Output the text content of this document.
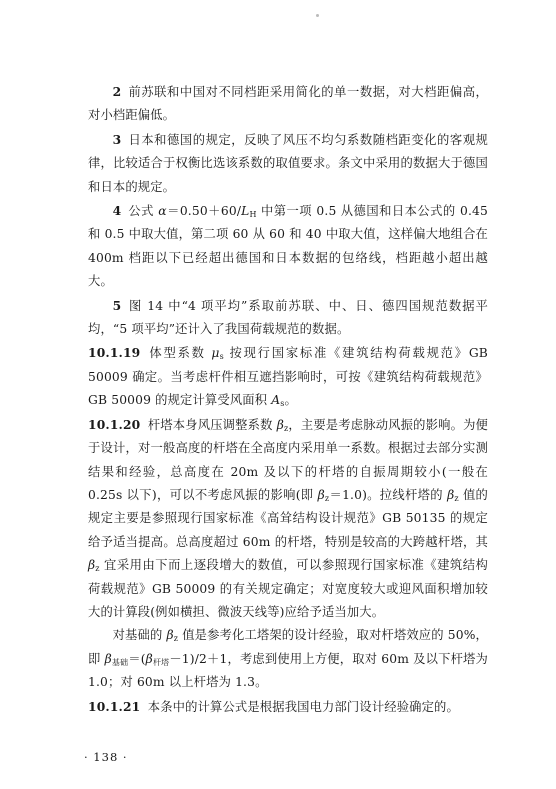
2 前苏联和中国对不同档距采用简化的单一数据，对大档距偏高，对小档距偏低。

3 日本和德国的规定，反映了风压不均匀系数随档距变化的客观规律，比较适合于权衡比选该系数的取值要求。条文中采用的数据大于德国和日本的规定。

4 公式 $\alpha=0.50+60/L_H$ 中第一项 0.5 从德国和日本公式的 0.45 和 0.5 中取大值，第二项 60 从 60 和 40 中取大值，这样偏大地组合在 400m 档距以下已经超出德国和日本数据的包络线，档距越小超出越大。

5 图 14 中“4 项平均”系取前苏联、中、日、德四国规范数据平均，“5 项平均”还计入了我国荷载规范的数据。

10.1.19 体型系数 $\mu_s$ 按现行国家标准《建筑结构荷载规范》GB 50009 确定。当考虑杆件相互遮挡影响时，可按《建筑结构荷载规范》GB 50009 的规定计算受风面积 $A_s$。

10.1.20 杆塔本身风压调整系数 $\beta_z$，主要是考虑脉动风振的影响。为便于设计，对一般高度的杆塔在全高度内采用单一系数。根据过去部分实测结果和经验，总高度在 20m 及以下的杆塔的自振周期较小(一般在 0.25s 以下)，可以不考虑风振的影响(即 $\beta_z=1.0$)。拉线杆塔的 $\beta_z$ 值的规定主要是参照现行国家标准《高耸结构设计规范》GB 50135 的规定给予适当提高。总高度超过 60m 的杆塔，特别是较高的大跨越杆塔，其 $\beta_z$ 宜采用由下而上逐段增大的数值，可以参照现行国家标准《建筑结构荷载规范》GB 50009 的有关规定确定；对宽度较大或迎风面积增加较大的计算段(例如横担、微波天线等)应给予适当加大。

对基础的 $\beta_z$ 值是参考化工塔架的设计经验，取对杆塔效应的 50%，即 $\beta_{基础}=(\beta_{杆塔}-1)/2+1$，考虑到使用上方便，取对 60m 及以下杆塔为 1.0；对 60m 以上杆塔为 1.3。

10.1.21 本条中的计算公式是根据我国电力部门设计经验确定的。

· 138 ·
